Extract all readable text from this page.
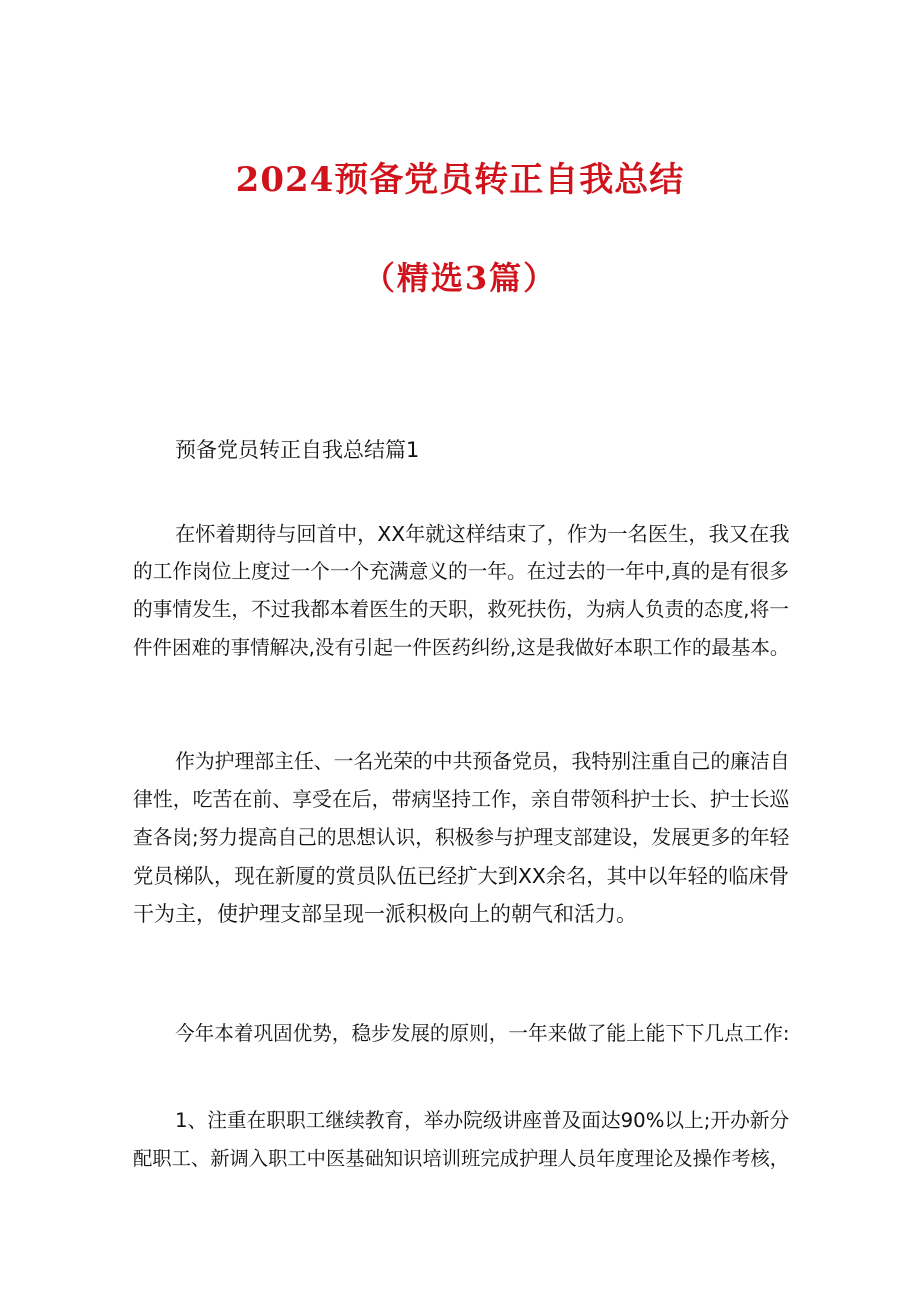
2024预备党员转正自我总结
（精选3篇）
预备党员转正自我总结篇1
在怀着期待与回首中，XX年就这样结束了，作为一名医生，我又在我
的工作岗位上度过一个一个充满意义的一年。在过去的一年中,真的是有很多
的事情发生，不过我都本着医生的天职，救死扶伤，为病人负责的态度,将一
件件困难的事情解决,没有引起一件医药纠纷,这是我做好本职工作的最基本。
作为护理部主任、一名光荣的中共预备党员，我特别注重自己的廉洁自
律性，吃苦在前、享受在后，带病坚持工作，亲自带领科护士长、护士长巡
查各岗;努力提高自己的思想认识，积极参与护理支部建设，发展更多的年轻
党员梯队，现在新厦的赏员队伍已经扩大到XX余名，其中以年轻的临床骨
干为主，使护理支部呈现一派积极向上的朝气和活力。
今年本着巩固优势，稳步发展的原则，一年来做了能上能下下几点工作:
1、注重在职职工继续教育，举办院级讲座普及面达90%以上;开办新分
配职工、新调入职工中医基础知识培训班完成护理人员年度理论及操作考核，
